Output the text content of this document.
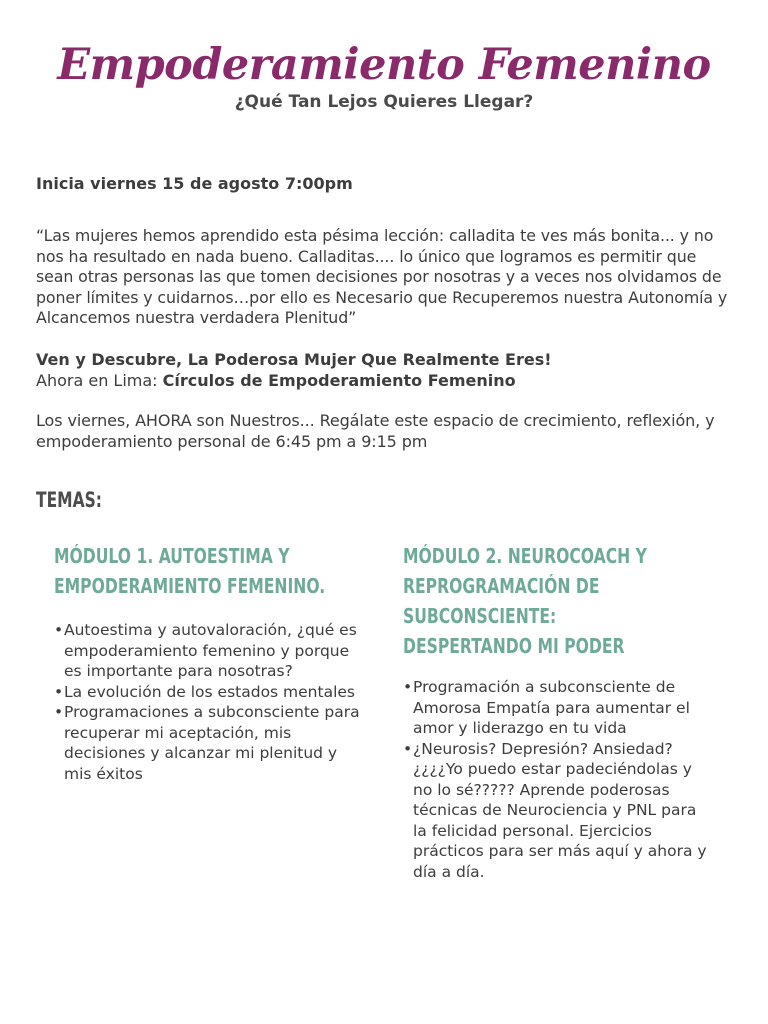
Empoderamiento Femenino

¿Qué Tan Lejos Quieres Llegar?

Inicia viernes 15 de agosto 7:00pm

“Las mujeres hemos aprendido esta pésima lección: calladita te ves más bonita... y no nos ha resultado en nada bueno. Calladitas.... lo único que logramos es permitir que sean otras personas las que tomen decisiones por nosotras y a veces nos olvidamos de poner límites y cuidarnos…por ello es Necesario que Recuperemos nuestra Autonomía y Alcancemos nuestra verdadera Plenitud”

Ven y Descubre, La Poderosa Mujer Que Realmente Eres!
Ahora en Lima: Círculos de Empoderamiento Femenino

Los viernes, AHORA son Nuestros... Regálate este espacio de crecimiento, reflexión, y empoderamiento personal de 6:45 pm a 9:15 pm

TEMAS:
MÓDULO 1. AUTOESTIMA Y
EMPODERAMIENTO FEMENINO.
• Autoestima y autovaloración, ¿qué es empoderamiento femenino y porque es importante para nosotras?
• La evolución de los estados mentales
• Programaciones a subconsciente para recuperar mi aceptación, mis decisiones y alcanzar mi plenitud y mis éxitos
MÓDULO 2. NEUROCOACH Y
REPROGRAMACIÓN DE
SUBCONSCIENTE:
DESPERTANDO MI PODER
• Programación a subconsciente de Amorosa Empatía para aumentar el amor y liderazgo en tu vida
• ¿Neurosis? Depresión? Ansiedad? ¿¿¿¿Yo puedo estar padeciéndolas y no lo sé????? Aprende poderosas técnicas de Neurociencia y PNL para la felicidad personal. Ejercicios prácticos para ser más aquí y ahora y día a día.
